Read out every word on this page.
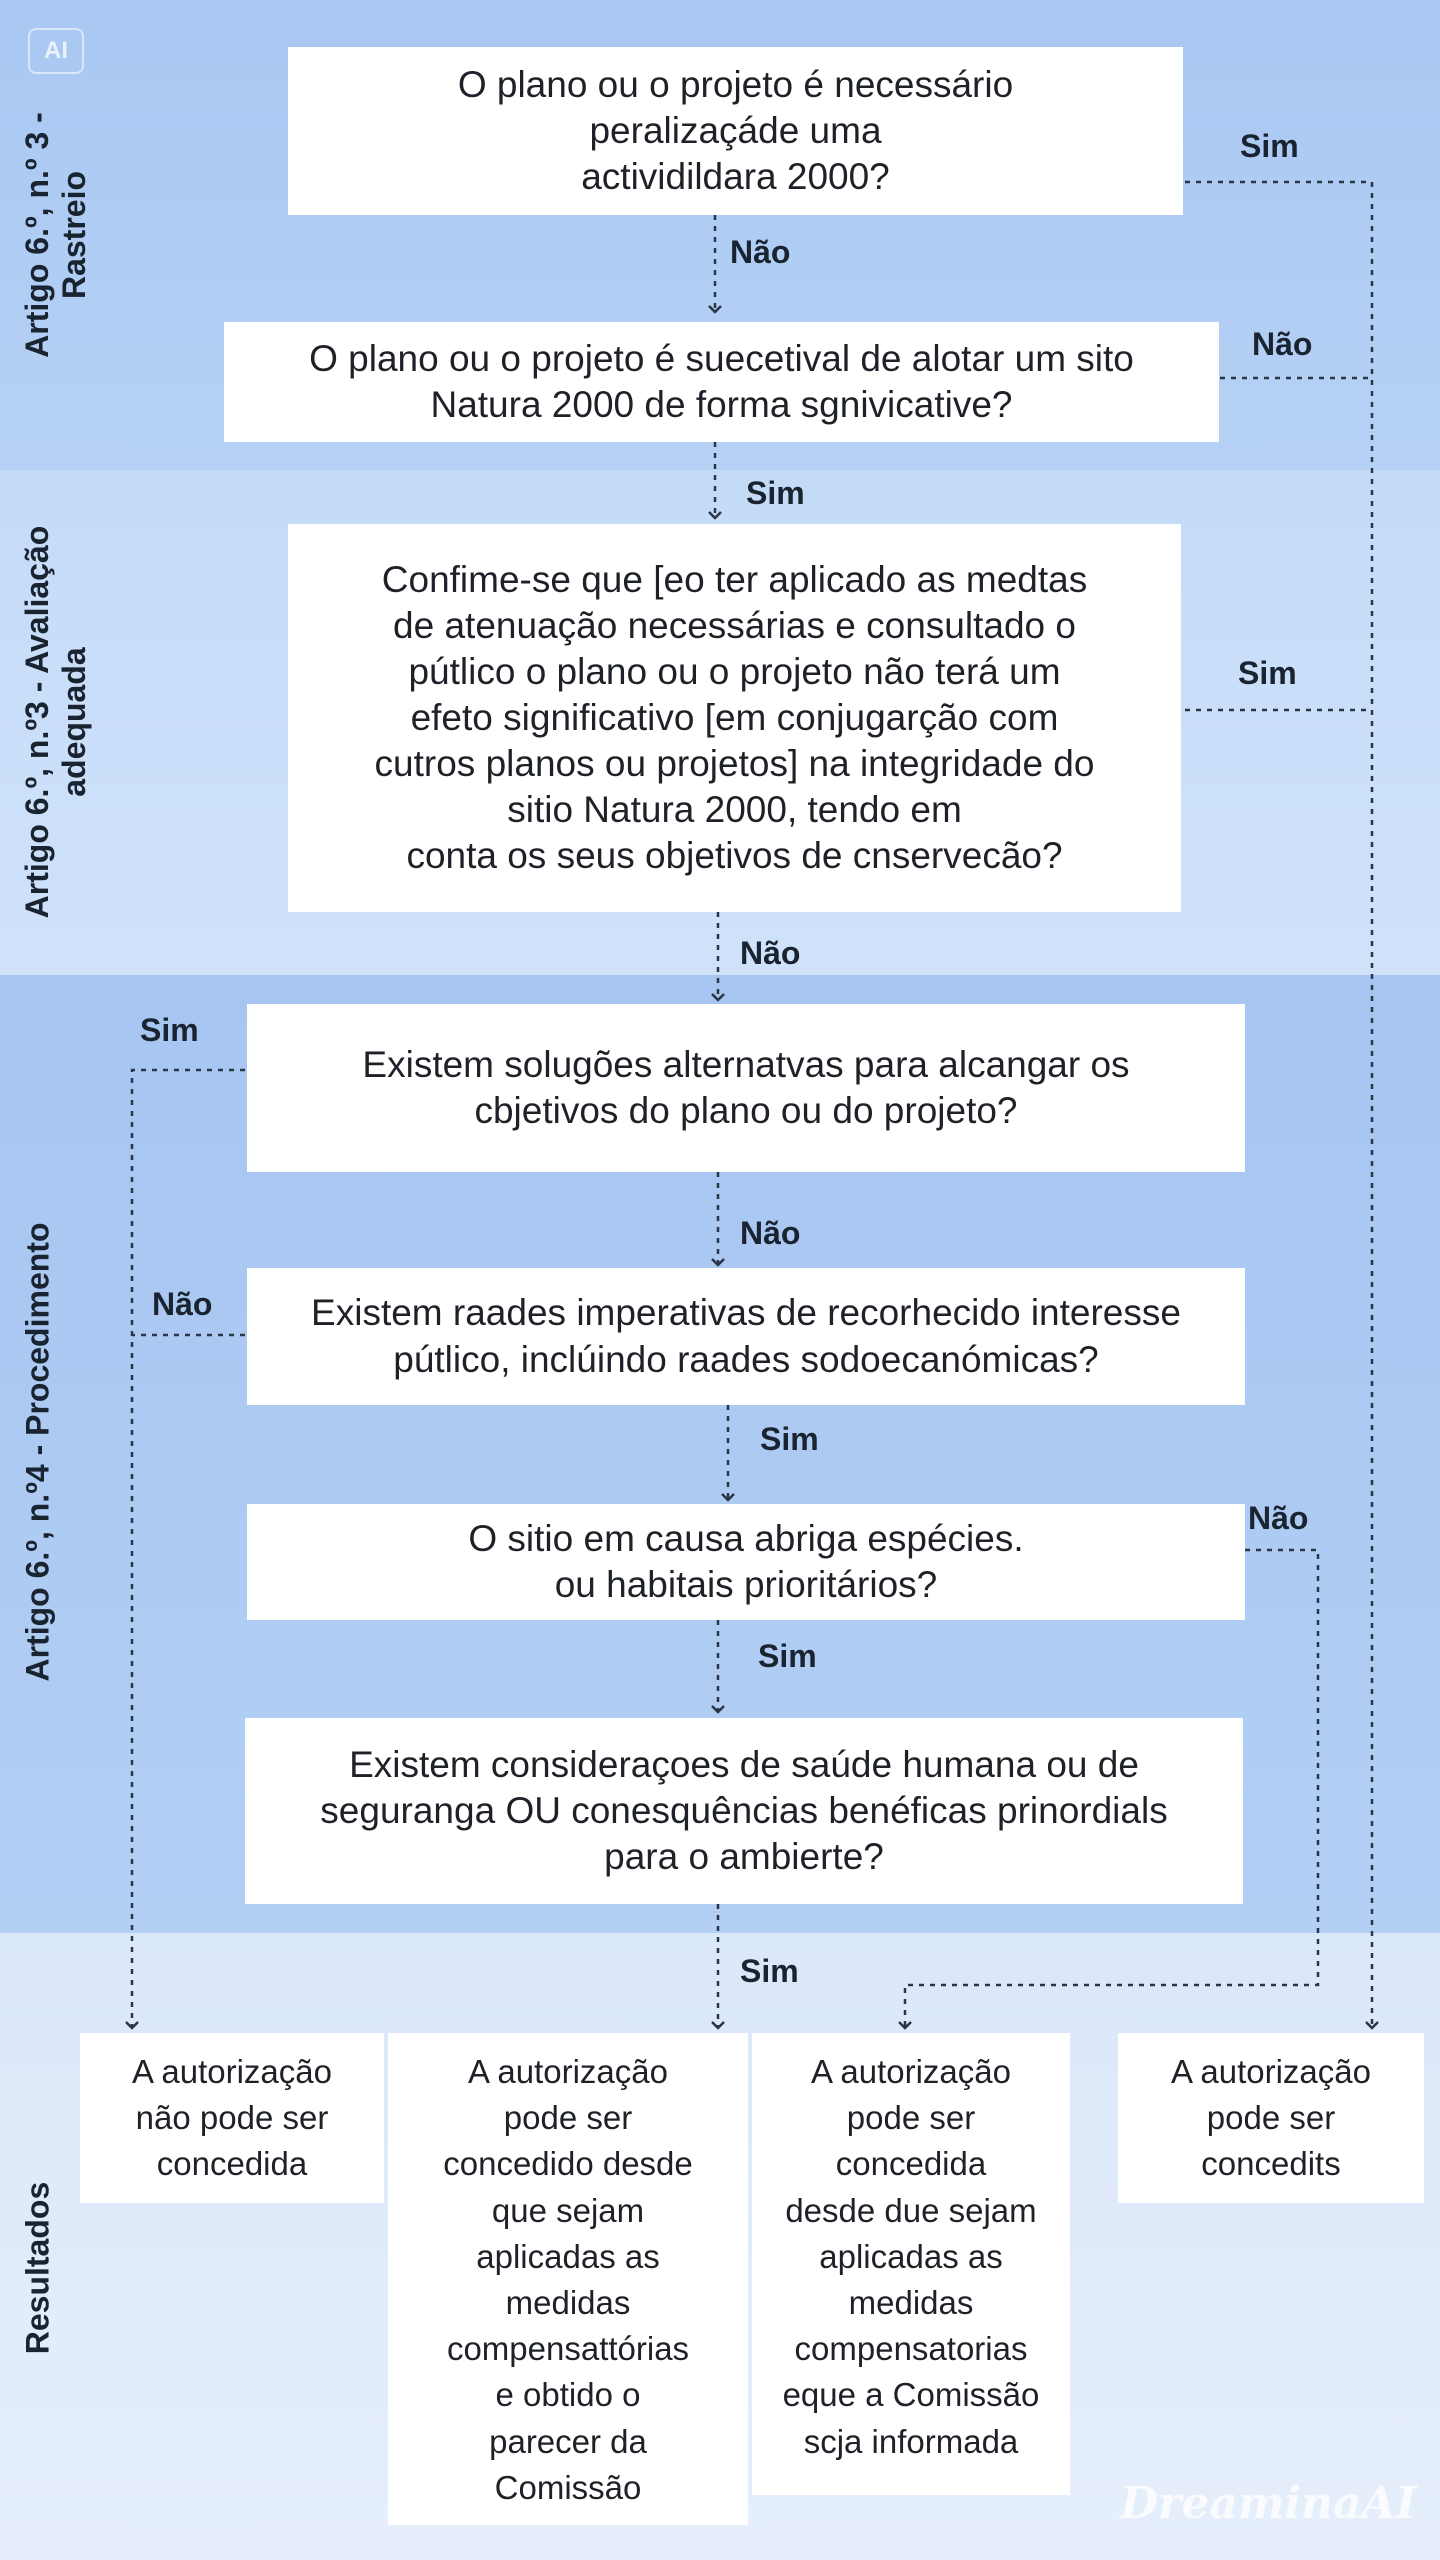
AI
Artigo 6.º, n.º 3 - Rastreio
Artigo 6.º, n.º3 - Avaliação adequada
Artigo 6.º, n.º4 - Procedimento
Resultados
O plano ou o projeto é necessário
peralizaçáde uma
actividildara 2000?
O plano ou o projeto é suecetival de alotar um sito
Natura 2000 de forma sgnivicative?
Confime-se que [eo ter aplicado as medtas
de atenuação necessárias e consultado o
pútlico o plano ou o projeto não terá um
efeto significativo [em conjugarção com
cutros planos ou projetos] na integridade do
sitio Natura 2000, tendo em
conta os seus objetivos de cnservecão?
Existem solugões alternatvas para alcangar os
cbjetivos do plano ou do projeto?
Existem raades imperativas de recorhecido interesse
pútlico, inclúindo raades sodoecanómicas?
O sitio em causa abriga espécies.
ou habitais prioritários?
Existem consideraçoes de saúde humana ou de
seguranga OU conesquências benéficas prinordials
para o ambierte?
A autorização
não pode ser
concedida
A autorização
pode ser
concedido desde
que sejam
aplicadas as
medidas
compensattórias
e obtido o
parecer da
Comissão
A autorização
pode ser
concedida
desde due sejam
aplicadas as
medidas
compensatorias
eque a Comissão
scja informada
A autorização
pode ser
concedits
Sim
Não
Não
Sim
Sim
Não
Sim
Não
Não
Sim
Não
Sim
Sim
DreaminaAI
